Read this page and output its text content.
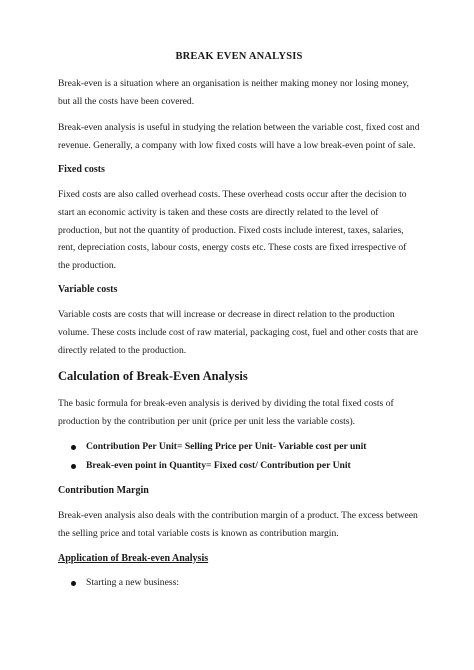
BREAK EVEN ANALYSIS

Break-even is a situation where an organisation is neither making money nor losing money, but all the costs have been covered.

Break-even analysis is useful in studying the relation between the variable cost, fixed cost and revenue. Generally, a company with low fixed costs will have a low break-even point of sale.

Fixed costs

Fixed costs are also called overhead costs. These overhead costs occur after the decision to start an economic activity is taken and these costs are directly related to the level of production, but not the quantity of production. Fixed costs include interest, taxes, salaries, rent, depreciation costs, labour costs, energy costs etc. These costs are fixed irrespective of the production.

Variable costs

Variable costs are costs that will increase or decrease in direct relation to the production volume. These costs include cost of raw material, packaging cost, fuel and other costs that are directly related to the production.

Calculation of Break-Even Analysis

The basic formula for break-even analysis is derived by dividing the total fixed costs of production by the contribution per unit (price per unit less the variable costs).

Contribution Per Unit= Selling Price per Unit- Variable cost per unit
Break-even point in Quantity= Fixed cost/ Contribution per Unit
Contribution Margin

Break-even analysis also deals with the contribution margin of a product. The excess between the selling price and total variable costs is known as contribution margin.

Application of Break-even Analysis
Starting a new business:
